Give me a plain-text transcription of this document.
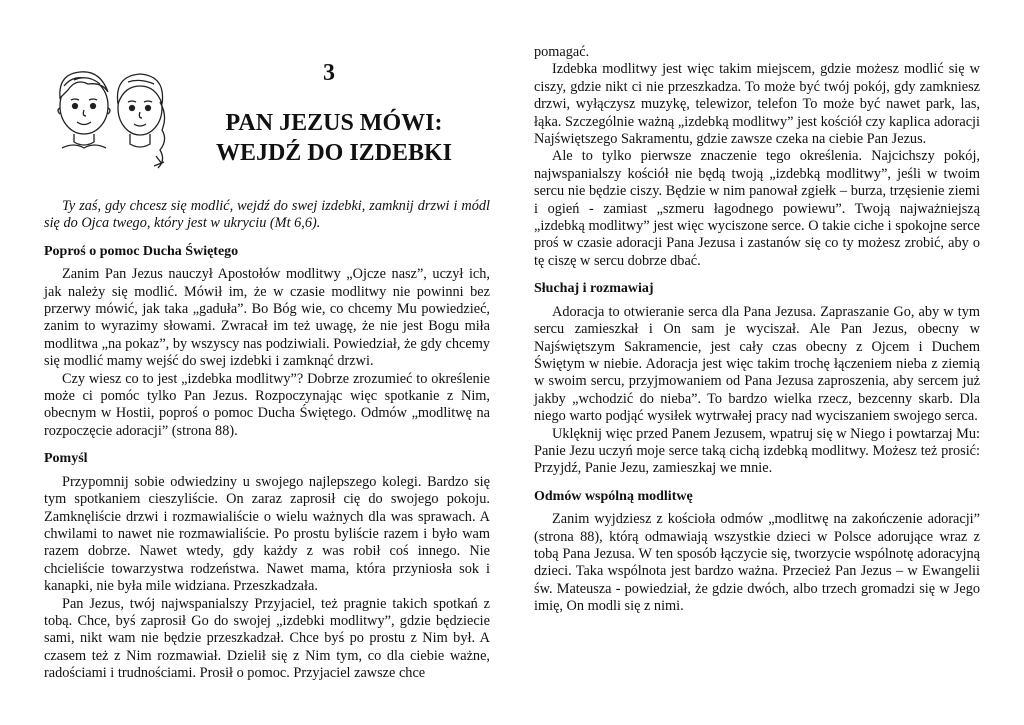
3
PAN JEZUS MÓWI:
WEJDŹ DO IZDEBKI

Ty zaś, gdy chcesz się modlić, wejdź do swej izdebki, zamknij drzwi i módl się do Ojca twego, który jest w ukryciu (Mt 6,6).

Poproś o pomoc Ducha Świętego

Zanim Pan Jezus nauczył Apostołów modlitwy „Ojcze nasz”, uczył ich, jak należy się modlić. Mówił im, że w czasie modlitwy nie powinni bez przerwy mówić, jak taka „gaduła”. Bo Bóg wie, co chcemy Mu powiedzieć, zanim to wyrazimy słowami. Zwracał im też uwagę, że nie jest Bogu miła modlitwa „na pokaz”, by wszyscy nas podziwiali. Powiedział, że gdy chcemy się modlić mamy wejść do swej izdebki i zamknąć drzwi.

Czy wiesz co to jest „izdebka modlitwy”? Dobrze zrozumieć to określenie może ci pomóc tylko Pan Jezus. Rozpoczynając więc spotkanie z Nim, obecnym w Hostii, poproś o pomoc Ducha Świętego. Odmów „modlitwę na rozpoczęcie adoracji” (strona 88).

Pomyśl

Przypomnij sobie odwiedziny u swojego najlepszego kolegi. Bardzo się tym spotkaniem cieszyliście. On zaraz zaprosił cię do swojego pokoju. Zamknęliście drzwi i rozmawialiście o wielu ważnych dla was sprawach. A chwilami to nawet nie rozmawialiście. Po prostu byliście razem i było wam razem dobrze. Nawet wtedy, gdy każdy z was robił coś innego. Nie chcieliście towarzystwa rodzeństwa. Nawet mama, która przyniosła sok i kanapki, nie była mile widziana. Przeszkadzała.

Pan Jezus, twój najwspanialszy Przyjaciel, też pragnie takich spotkań z tobą. Chce, byś zaprosił Go do swojej „izdebki modlitwy”, gdzie będziecie sami, nikt wam nie będzie przeszkadzał. Chce byś po prostu z Nim był. A czasem też z Nim rozmawiał. Dzielił się z Nim tym, co dla ciebie ważne, radościami i trudnościami. Prosił o pomoc. Przyjaciel zawsze chce

pomagać.

Izdebka modlitwy jest więc takim miejscem, gdzie możesz modlić się w ciszy, gdzie nikt ci nie przeszkadza. To może być twój pokój, gdy zamkniesz drzwi, wyłączysz muzykę, telewizor, telefon To może być nawet park, las, łąka. Szczególnie ważną „izdebką modlitwy” jest kościół czy kaplica adoracji Najświętszego Sakramentu, gdzie zawsze czeka na ciebie Pan Jezus.

Ale to tylko pierwsze znaczenie tego określenia. Najcichszy pokój, najwspanialszy kościół nie będą twoją „izdebką modlitwy”, jeśli w twoim sercu nie będzie ciszy. Będzie w nim panował zgiełk – burza, trzęsienie ziemi i ogień - zamiast „szmeru łagodnego powiewu”. Twoją najważniejszą „izdebką modlitwy” jest więc wyciszone serce. O takie ciche i spokojne serce proś w czasie adoracji Pana Jezusa i zastanów się co ty możesz zrobić, aby o tę ciszę w sercu dobrze dbać.

Słuchaj i rozmawiaj

Adoracja to otwieranie serca dla Pana Jezusa. Zapraszanie Go, aby w tym sercu zamieszkał i On sam je wyciszał. Ale Pan Jezus, obecny w Najświętszym Sakramencie, jest cały czas obecny z Ojcem i Duchem Świętym w niebie. Adoracja jest więc takim trochę łączeniem nieba z ziemią w swoim sercu, przyjmowaniem od Pana Jezusa zaproszenia, aby sercem już jakby „wchodzić do nieba”. To bardzo wielka rzecz, bezcenny skarb. Dla niego warto podjąć wysiłek wytrwałej pracy nad wyciszaniem swojego serca.

Uklęknij więc przed Panem Jezusem, wpatruj się w Niego i powtarzaj Mu: Panie Jezu uczyń moje serce taką cichą izdebką modlitwy. Możesz też prosić: Przyjdź, Panie Jezu, zamieszkaj we mnie.

Odmów wspólną modlitwę

Zanim wyjdziesz z kościoła odmów „modlitwę na zakończenie adoracji” (strona 88), którą odmawiają wszystkie dzieci w Polsce adorujące wraz z tobą Pana Jezusa. W ten sposób łączycie się, tworzycie wspólnotę adoracyjną dzieci. Taka wspólnota jest bardzo ważna. Przecież Pan Jezus – w Ewangelii św. Mateusza - powiedział, że gdzie dwóch, albo trzech gromadzi się w Jego imię, On modli się z nimi.
